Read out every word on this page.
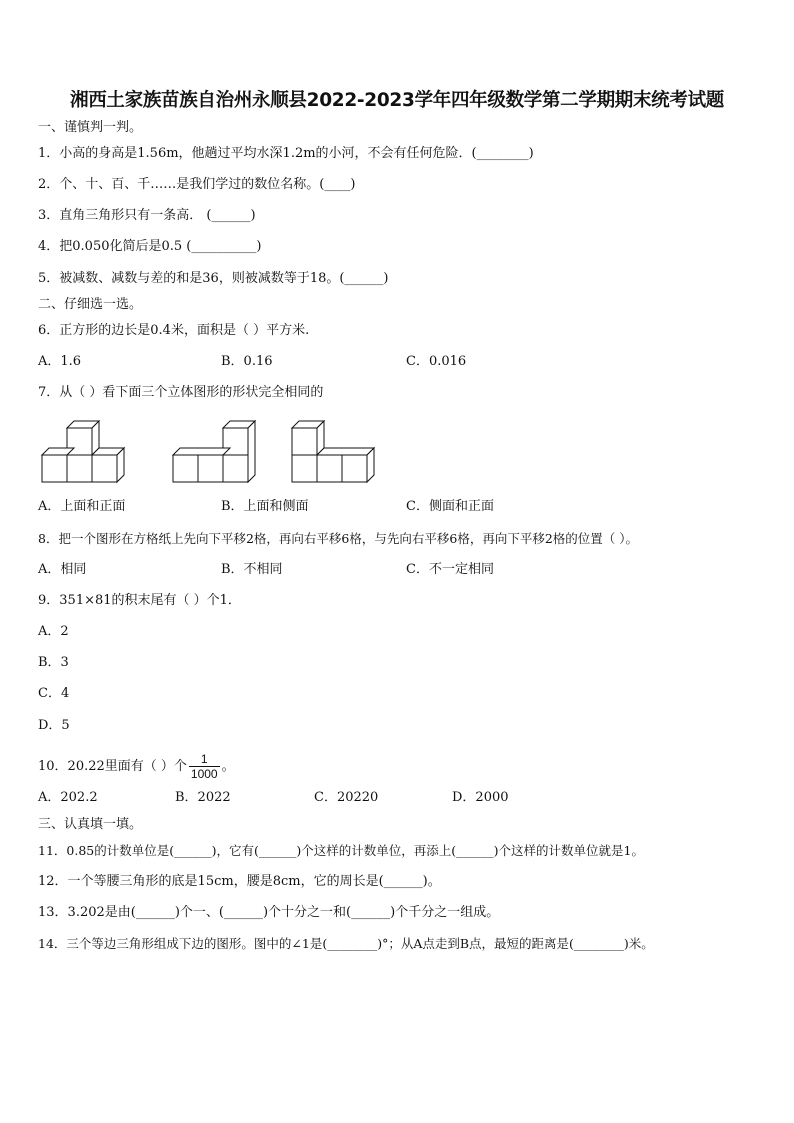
湘西土家族苗族自治州永顺县2022-2023学年四年级数学第二学期期末统考试题
一、谨慎判一判。
1．小高的身高是1.56m，他趟过平均水深1.2m的小河，不会有任何危险．(________)
2．个、十、百、千……是我们学过的数位名称。(____)
3．直角三角形只有一条高． (______)
4．把0.050化简后是0.5 (__________)
5．被减数、减数与差的和是36，则被减数等于18。(______)
二、仔细选一选。
6．正方形的边长是0.4米，面积是（ ）平方米.
A．1.6	B．0.16	C．0.016
7．从（ ）看下面三个立体图形的形状完全相同的
A．上面和正面	B．上面和侧面	C．侧面和正面
8．把一个图形在方格纸上先向下平移2格，再向右平移6格，与先向右平移6格，再向下平移2格的位置（ ）。
A．相同	B．不相同	C．不一定相同
9．351×81的积末尾有（ ）个1．
A．2
B．3
C．4
D．5
10．20.22里面有（ ）个 $\frac{1}{1000}$ 。
A．202.2	B．2022	C．20220	D．2000
三、认真填一填。
11．0.85的计数单位是(______)，它有(______)个这样的计数单位，再添上(______)个这样的计数单位就是1。
12．一个等腰三角形的底是15cm，腰是8cm，它的周长是(______)。
13．3.202是由(______)个一、(______)个十分之一和(______)个千分之一组成。
14．三个等边三角形组成下边的图形。图中的∠1是(________)°；从A点走到B点，最短的距离是(________)米。
